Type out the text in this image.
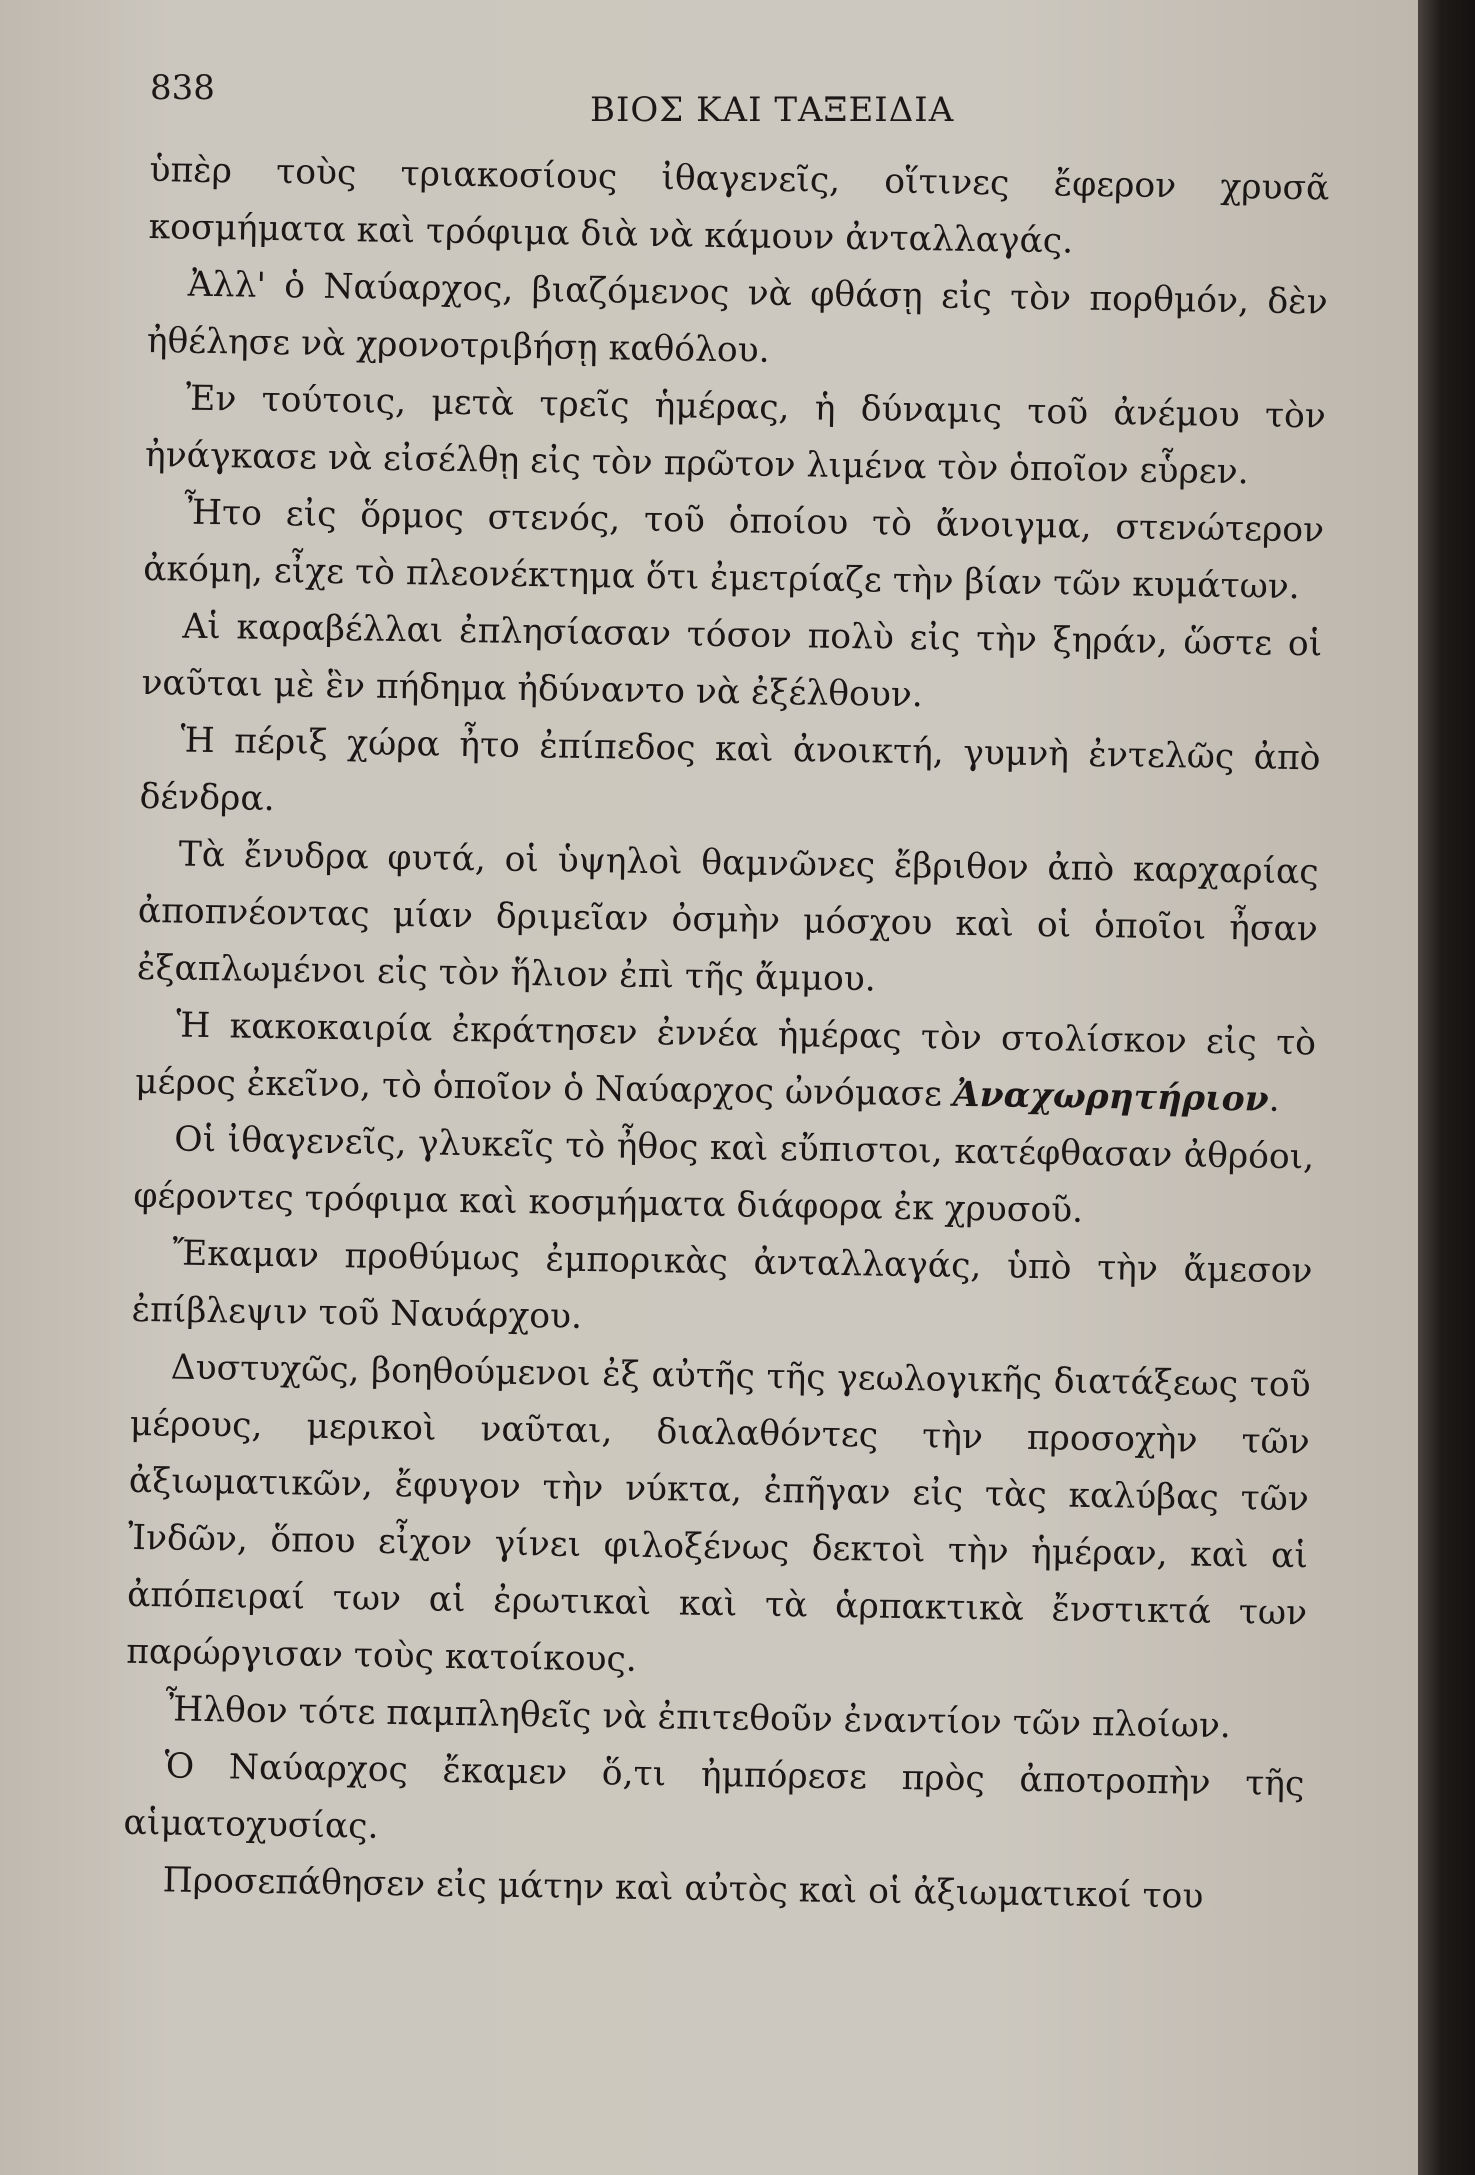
838
ΒΙΟΣ ΚΑΙ ΤΑΞΕΙΔΙΑ

ὑπὲρ τοὺς τριακοσίους ἰθαγενεῖς, οἵτινες ἔφερον χρυσᾶ κοσμήματα καὶ τρόφιμα διὰ νὰ κάμουν ἀνταλλαγάς.

Ἀλλ' ὁ Ναύαρχος, βιαζόμενος νὰ φθάσῃ εἰς τὸν πορθμόν, δὲν ἠθέλησε νὰ χρονοτριβήσῃ καθόλου.

Ἐν τούτοις, μετὰ τρεῖς ἡμέρας, ἡ δύναμις τοῦ ἀνέμου τὸν ἠνάγκασε νὰ εἰσέλθῃ εἰς τὸν πρῶτον λιμένα τὸν ὁποῖον εὗρεν.

Ἦτο εἰς ὅρμος στενός, τοῦ ὁποίου τὸ ἄνοιγμα, στενώτερον ἀκόμη, εἶχε τὸ πλεονέκτημα ὅτι ἐμετρίαζε τὴν βίαν τῶν κυμάτων.

Αἱ καραβέλλαι ἐπλησίασαν τόσον πολὺ εἰς τὴν ξηράν, ὥστε οἱ ναῦται μὲ ἓν πήδημα ἠδύναντο νὰ ἐξέλθουν.

Ἡ πέριξ χώρα ἦτο ἐπίπεδος καὶ ἀνοικτή, γυμνὴ ἐντελῶς ἀπὸ δένδρα.

Τὰ ἔνυδρα φυτά, οἱ ὑψηλοὶ θαμνῶνες ἔβριθον ἀπὸ καρχαρίας ἀποπνέοντας μίαν δριμεῖαν ὀσμὴν μόσχου καὶ οἱ ὁποῖοι ἦσαν ἐξαπλωμένοι εἰς τὸν ἥλιον ἐπὶ τῆς ἄμμου.

Ἡ κακοκαιρία ἐκράτησεν ἐννέα ἡμέρας τὸν στολίσκον εἰς τὸ μέρος ἐκεῖνο, τὸ ὁποῖον ὁ Ναύαρχος ὠνόμασε Ἀναχωρητήριον.

Οἱ ἰθαγενεῖς, γλυκεῖς τὸ ἦθος καὶ εὔπιστοι, κατέφθασαν ἀθρόοι, φέροντες τρόφιμα καὶ κοσμήματα διάφορα ἐκ χρυσοῦ.

Ἔκαμαν προθύμως ἐμπορικὰς ἀνταλλαγάς, ὑπὸ τὴν ἄμεσον ἐπίβλεψιν τοῦ Ναυάρχου.

Δυστυχῶς, βοηθούμενοι ἐξ αὐτῆς τῆς γεωλογικῆς διατάξεως τοῦ μέρους, μερικοὶ ναῦται, διαλαθόντες τὴν προσοχὴν τῶν ἀξιωματικῶν, ἔφυγον τὴν νύκτα, ἐπῆγαν εἰς τὰς καλύβας τῶν Ἰνδῶν, ὅπου εἶχον γίνει φιλοξένως δεκτοὶ τὴν ἡμέραν, καὶ αἱ ἀπόπειραί των αἱ ἐρωτικαὶ καὶ τὰ ἁρπακτικὰ ἔνστικτά των παρώργισαν τοὺς κατοίκους.

Ἦλθον τότε παμπληθεῖς νὰ ἐπιτεθοῦν ἐναντίον τῶν πλοίων.

Ὁ Ναύαρχος ἔκαμεν ὅ,τι ἠμπόρεσε πρὸς ἀποτροπὴν τῆς αἱματοχυσίας.

Προσεπάθησεν εἰς μάτην καὶ αὐτὸς καὶ οἱ ἀξιωματικοί του
